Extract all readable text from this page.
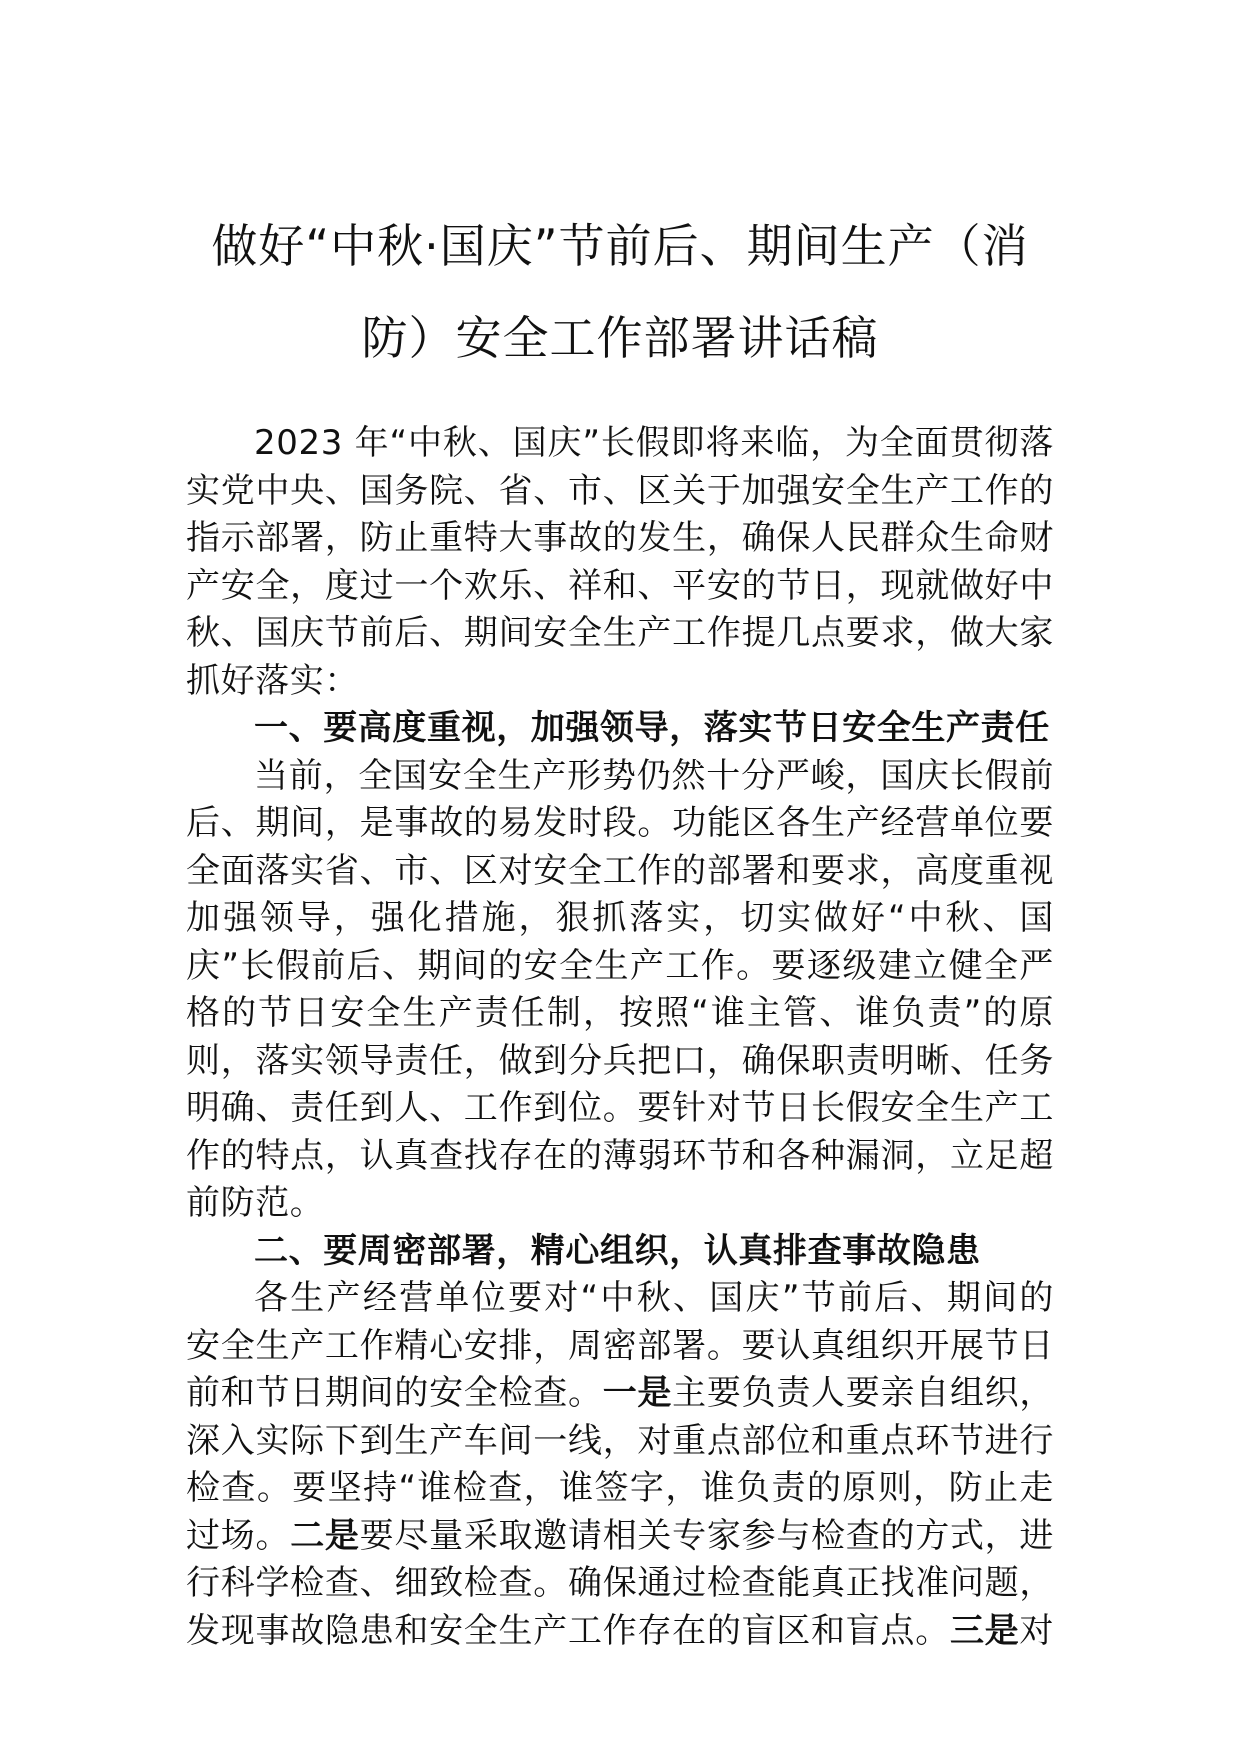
做好“中秋·国庆”节前后、期间生产（消
防）安全工作部署讲话稿
2023 年“中秋、国庆”长假即将来临，为全面贯彻落
实党中央、国务院、省、市、区关于加强安全生产工作的
指示部署，防止重特大事故的发生，确保人民群众生命财
产安全，度过一个欢乐、祥和、平安的节日，现就做好中
秋、国庆节前后、期间安全生产工作提几点要求，做大家
抓好落实：
一、要高度重视，加强领导，落实节日安全生产责任
当前，全国安全生产形势仍然十分严峻，国庆长假前
后、期间，是事故的易发时段。功能区各生产经营单位要
全面落实省、市、区对安全工作的部署和要求，高度重视
加强领导，强化措施，狠抓落实，切实做好“中秋、国
庆”长假前后、期间的安全生产工作。要逐级建立健全严
格的节日安全生产责任制，按照“谁主管、谁负责”的原
则，落实领导责任，做到分兵把口，确保职责明晰、任务
明确、责任到人、工作到位。要针对节日长假安全生产工
作的特点，认真查找存在的薄弱环节和各种漏洞，立足超
前防范。
二、要周密部署，精心组织，认真排查事故隐患
各生产经营单位要对“中秋、国庆”节前后、期间的
安全生产工作精心安排，周密部署。要认真组织开展节日
前和节日期间的安全检查。一是主要负责人要亲自组织，
深入实际下到生产车间一线，对重点部位和重点环节进行
检查。要坚持“谁检查，谁签字，谁负责的原则，防止走
过场。二是要尽量采取邀请相关专家参与检查的方式，进
行科学检查、细致检查。确保通过检查能真正找准问题，
发现事故隐患和安全生产工作存在的盲区和盲点。三是对
